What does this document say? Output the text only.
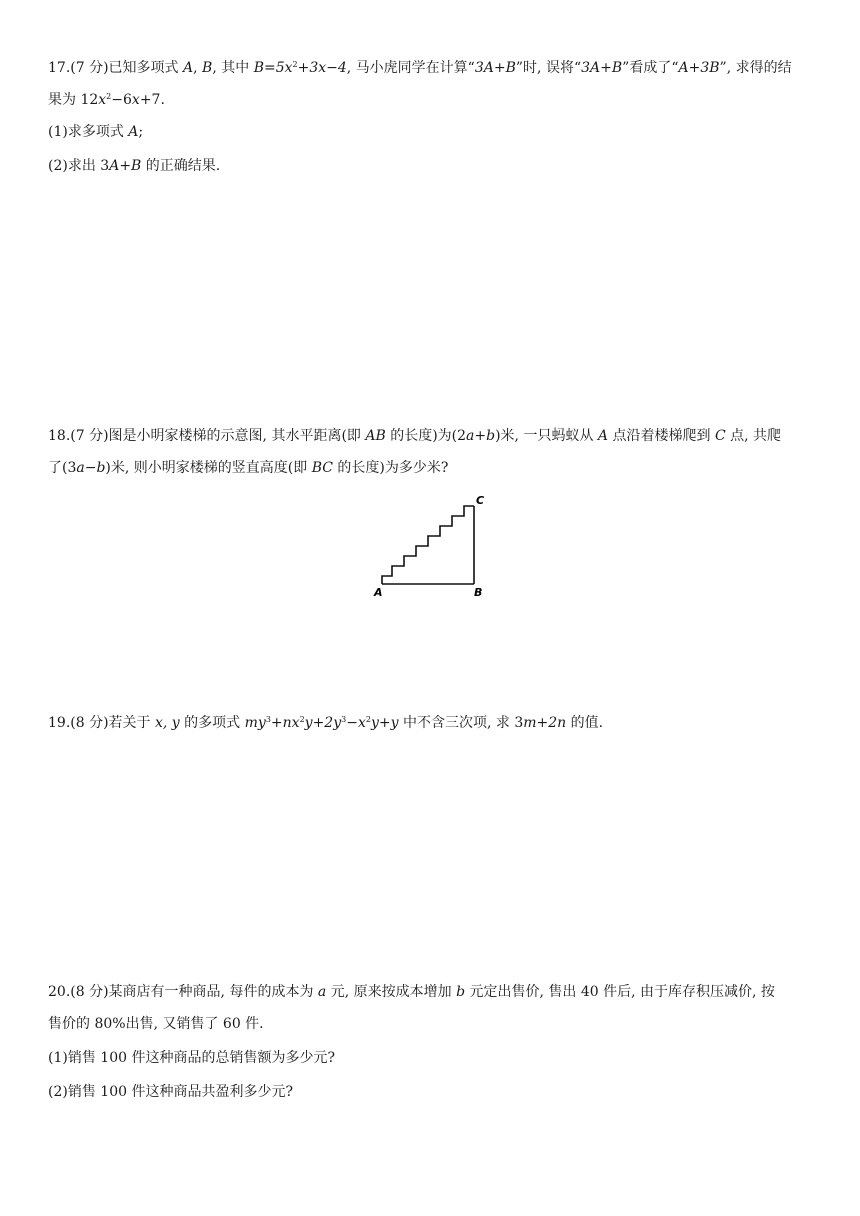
17.(7 分)已知多项式 A, B, 其中 $B=5x^2+3x-4$, 马小虎同学在计算“3A+B”时, 误将“3A+B”看成了“A+3B”, 求得的结
果为 $12x^2-6x+7$.
(1)求多项式 A;
(2)求出 3A+B 的正确结果.
18.(7 分)图是小明家楼梯的示意图, 其水平距离(即 AB 的长度)为(2a+b)米, 一只蚂蚁从 A 点沿着楼梯爬到 C 点, 共爬
了(3a−b)米, 则小明家楼梯的竖直高度(即 BC 的长度)为多少米?
A	B
C
19.(8 分)若关于 x, y 的多项式 $my^3+nx^2y+2y^3-x^2y+y$ 中不含三次项, 求 3m+2n 的值.
20.(8 分)某商店有一种商品, 每件的成本为 a 元, 原来按成本增加 b 元定出售价, 售出 40 件后, 由于库存积压减价, 按
售价的 80%出售, 又销售了 60 件.
(1)销售 100 件这种商品的总销售额为多少元?
(2)销售 100 件这种商品共盈利多少元?
